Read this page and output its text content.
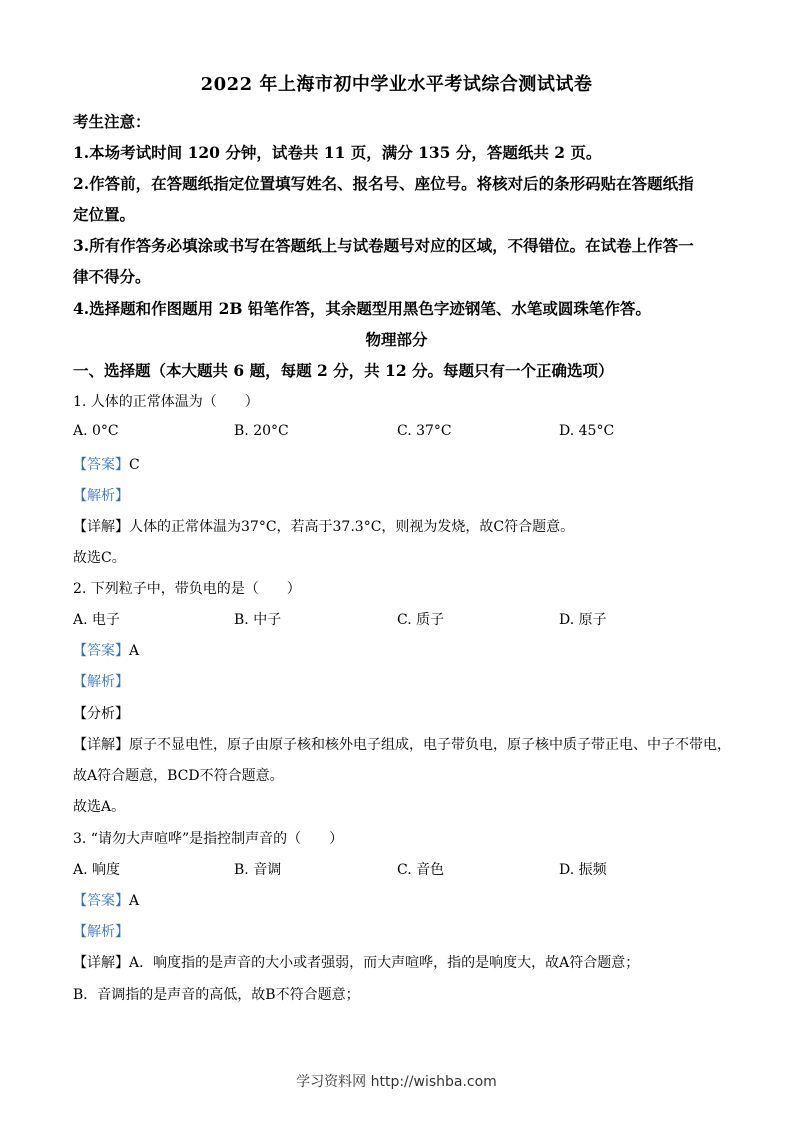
2022 年上海市初中学业水平考试综合测试试卷
考生注意：
1.本场考试时间 120 分钟，试卷共 11 页，满分 135 分，答题纸共 2 页。
2.作答前，在答题纸指定位置填写姓名、报名号、座位号。将核对后的条形码贴在答题纸指
定位置。
3.所有作答务必填涂或书写在答题纸上与试卷题号对应的区域，不得错位。在试卷上作答一
律不得分。
4.选择题和作图题用 2B 铅笔作答，其余题型用黑色字迹钢笔、水笔或圆珠笔作答。
物理部分
一、选择题（本大题共 6 题，每题 2 分，共 12 分。每题只有一个正确选项）
1. 人体的正常体温为（　　）
A. 0°C	B. 20°C	C. 37°C	D. 45°C
【答案】C
【解析】
【详解】人体的正常体温为37°C，若高于37.3°C，则视为发烧，故C符合题意。
故选C。
2. 下列粒子中，带负电的是（　　）
A. 电子	B. 中子	C. 质子	D. 原子
【答案】A
【解析】
【分析】
【详解】原子不显电性，原子由原子核和核外电子组成，电子带负电，原子核中质子带正电、中子不带电，
故A符合题意，BCD不符合题意。
故选A。
3. “请勿大声喧哗”是指控制声音的（　　）
A. 响度	B. 音调	C. 音色	D. 振频
【答案】A
【解析】
【详解】A．响度指的是声音的大小或者强弱，而大声喧哗，指的是响度大，故A符合题意；
B．音调指的是声音的高低，故B不符合题意；
学习资料网 http://wishba.com
